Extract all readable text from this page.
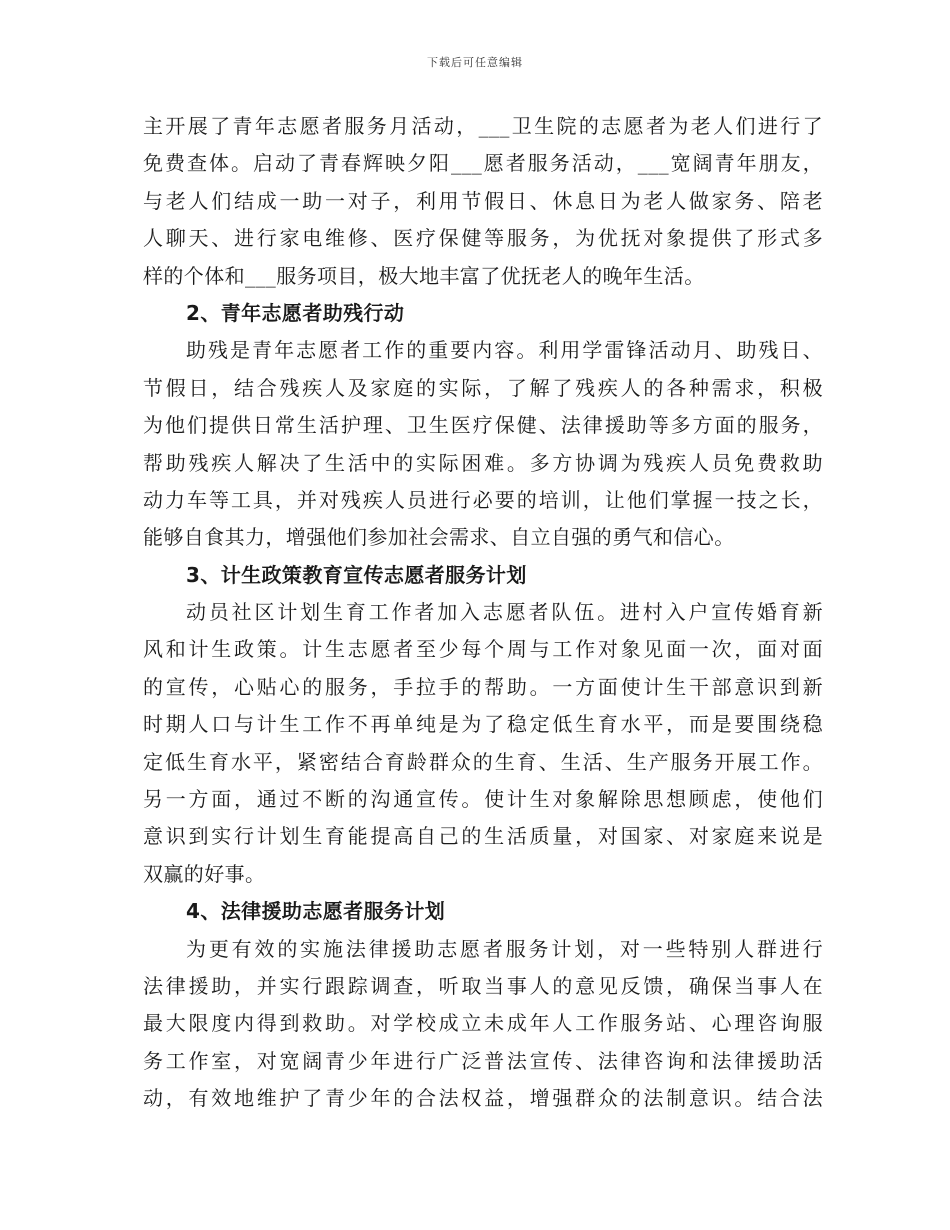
下载后可任意编辑
主开展了青年志愿者服务月活动，___卫生院的志愿者为老人们进行了
免费查体。启动了青春辉映夕阳___愿者服务活动，___宽阔青年朋友，
与老人们结成一助一对子，利用节假日、休息日为老人做家务、陪老
人聊天、进行家电维修、医疗保健等服务，为优抚对象提供了形式多
样的个体和___服务项目，极大地丰富了优抚老人的晚年生活。
2、青年志愿者助残行动
助残是青年志愿者工作的重要内容。利用学雷锋活动月、助残日、
节假日，结合残疾人及家庭的实际，了解了残疾人的各种需求，积极
为他们提供日常生活护理、卫生医疗保健、法律援助等多方面的服务，
帮助残疾人解决了生活中的实际困难。多方协调为残疾人员免费救助
动力车等工具，并对残疾人员进行必要的培训，让他们掌握一技之长，
能够自食其力，增强他们参加社会需求、自立自强的勇气和信心。
3、计生政策教育宣传志愿者服务计划
动员社区计划生育工作者加入志愿者队伍。进村入户宣传婚育新
风和计生政策。计生志愿者至少每个周与工作对象见面一次，面对面
的宣传，心贴心的服务，手拉手的帮助。一方面使计生干部意识到新
时期人口与计生工作不再单纯是为了稳定低生育水平，而是要围绕稳
定低生育水平，紧密结合育龄群众的生育、生活、生产服务开展工作。
另一方面，通过不断的沟通宣传。使计生对象解除思想顾虑，使他们
意识到实行计划生育能提高自己的生活质量，对国家、对家庭来说是
双赢的好事。
4、法律援助志愿者服务计划
为更有效的实施法律援助志愿者服务计划，对一些特别人群进行
法律援助，并实行跟踪调查，听取当事人的意见反馈，确保当事人在
最大限度内得到救助。对学校成立未成年人工作服务站、心理咨询服
务工作室，对宽阔青少年进行广泛普法宣传、法律咨询和法律援助活
动，有效地维护了青少年的合法权益，增强群众的法制意识。结合法
